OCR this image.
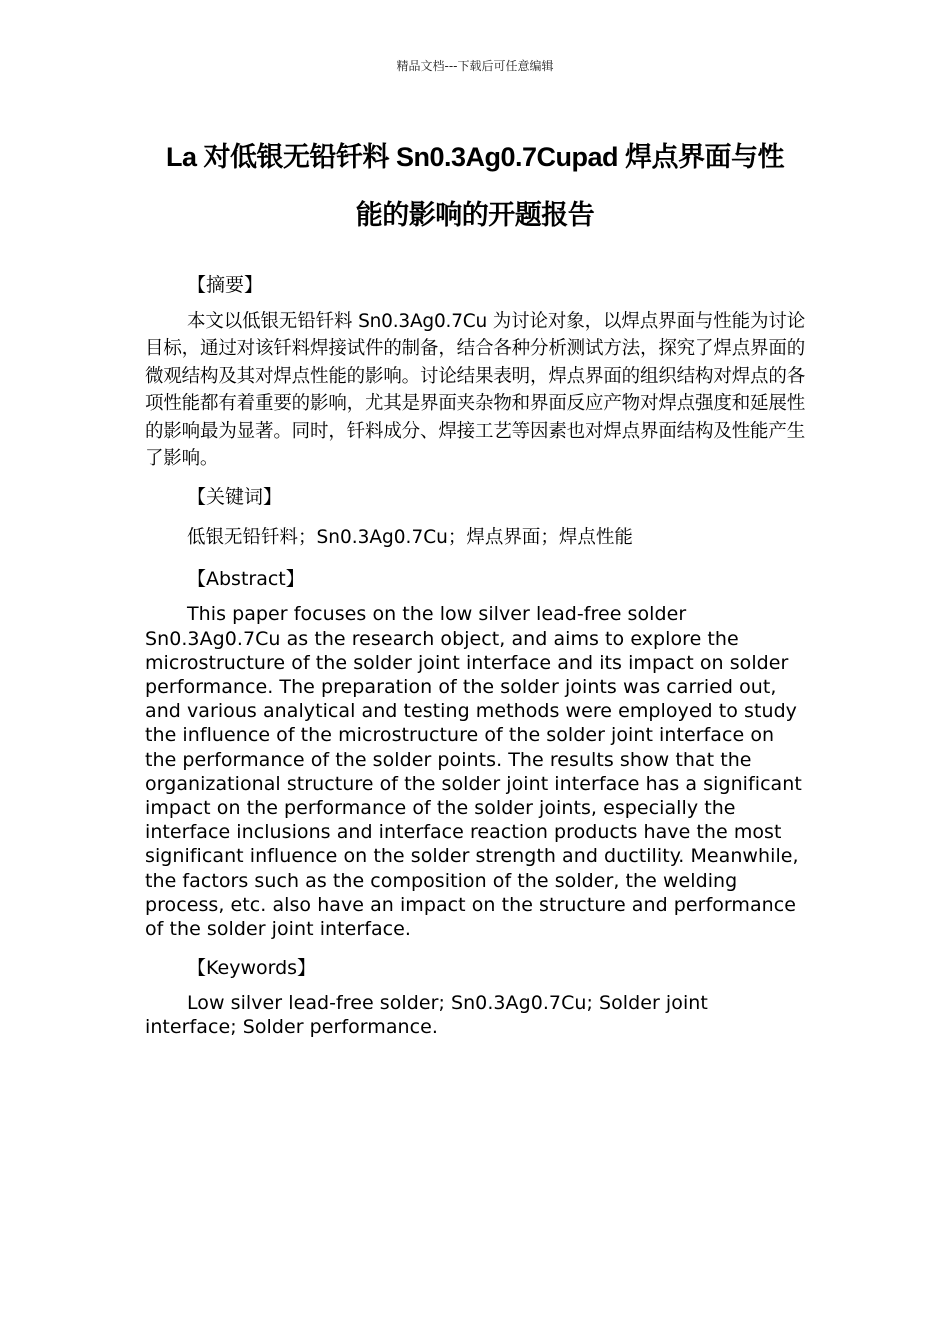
精品文档---下载后可任意编辑
La 对低银无铅钎料 Sn0.3Ag0.7Cupad 焊点界面与性
能的影响的开题报告

【摘要】

本文以低银无铅钎料 Sn0.3Ag0.7Cu 为讨论对象，以焊点界面与性能为讨论目标，通过对该钎料焊接试件的制备，结合各种分析测试方法，探究了焊点界面的微观结构及其对焊点性能的影响。讨论结果表明，焊点界面的组织结构对焊点的各项性能都有着重要的影响，尤其是界面夹杂物和界面反应产物对焊点强度和延展性的影响最为显著。同时，钎料成分、焊接工艺等因素也对焊点界面结构及性能产生了影响。

【关键词】

低银无铅钎料；Sn0.3Ag0.7Cu；焊点界面；焊点性能

【Abstract】

This paper focuses on the low silver lead-free solder Sn0.3Ag0.7Cu as the research object, and aims to explore the microstructure of the solder joint interface and its impact on solder performance. The preparation of the solder joints was carried out, and various analytical and testing methods were employed to study the influence of the microstructure of the solder joint interface on the performance of the solder points. The results show that the organizational structure of the solder joint interface has a significant impact on the performance of the solder joints, especially the interface inclusions and interface reaction products have the most significant influence on the solder strength and ductility. Meanwhile, the factors such as the composition of the solder, the welding process, etc. also have an impact on the structure and performance of the solder joint interface.

【Keywords】

Low silver lead-free solder; Sn0.3Ag0.7Cu; Solder joint interface; Solder performance.
